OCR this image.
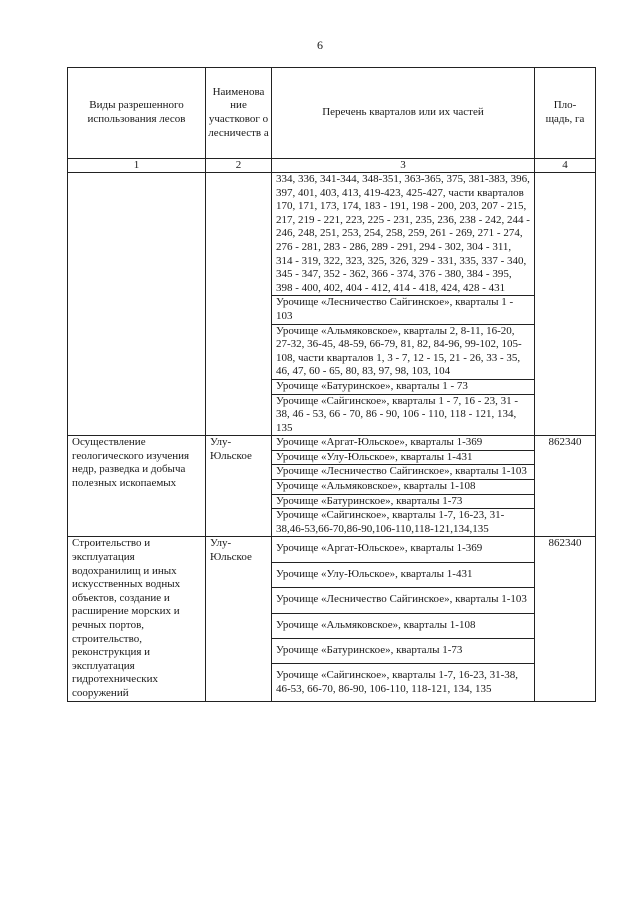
6
Виды разрешенного использования лесов	Наименова ние участковог о лесничеств а	Перечень кварталов или их частей	Пло- щадь, га
1	2	3	4
		334, 336, 341-344, 348-351, 363-365, 375, 381-383, 396, 397, 401, 403, 413, 419-423, 425-427, части кварталов 170, 171, 173, 174, 183 - 191, 198 - 200, 203, 207 - 215, 217, 219 - 221, 223, 225 - 231, 235, 236, 238 - 242, 244 - 246, 248, 251, 253, 254, 258, 259, 261 - 269, 271 - 274, 276 - 281, 283 - 286, 289 - 291, 294 - 302, 304 - 311, 314 - 319, 322, 323, 325, 326, 329 - 331, 335, 337 - 340, 345 - 347, 352 - 362, 366 - 374, 376 - 380, 384 - 395, 398 - 400, 402, 404 - 412, 414 - 418, 424, 428 - 431	
		Урочище «Лесничество Сайгинское», кварталы 1 - 103	
		Урочище «Альмяковское», кварталы 2, 8-11, 16-20, 27-32, 36-45, 48-59, 66-79, 81, 82, 84-96, 99-102, 105-108, части кварталов 1, 3 - 7, 12 - 15, 21 - 26, 33 - 35, 46, 47, 60 - 65, 80, 83, 97, 98, 103, 104	
		Урочище «Батуринское», кварталы 1 - 73	
		Урочище «Сайгинское», кварталы 1 - 7, 16 - 23, 31 - 38, 46 - 53, 66 - 70, 86 - 90, 106 - 110, 118 - 121, 134, 135	
Осуществление геологического изучения недр, разведка и добыча полезных ископаемых	Улу-Юльское	Урочище «Аргат-Юльское», кварталы 1-369	862340
		Урочище «Улу-Юльское», кварталы 1-431	
		Урочище «Лесничество Сайгинское», кварталы 1-103	
		Урочище «Альмяковское», кварталы 1-108	
		Урочище «Батуринское», кварталы 1-73	
		Урочище «Сайгинское», кварталы 1-7, 16-23, 31-38,46-53,66-70,86-90,106-110,118-121,134,135	
Строительство и эксплуатация водохранилищ и иных искусственных водных объектов, создание и расширение морских и речных портов, строительство, реконструкция и эксплуатация гидротехнических сооружений	Улу-Юльское	Урочище «Аргат-Юльское», кварталы 1-369	862340
		Урочище «Улу-Юльское», кварталы 1-431	
		Урочище «Лесничество Сайгинское», кварталы 1-103	
		Урочище «Альмяковское», кварталы 1-108	
		Урочище «Батуринское», кварталы 1-73	
		Урочище «Сайгинское», кварталы 1-7, 16-23, 31-38, 46-53, 66-70, 86-90, 106-110, 118-121, 134, 135	
